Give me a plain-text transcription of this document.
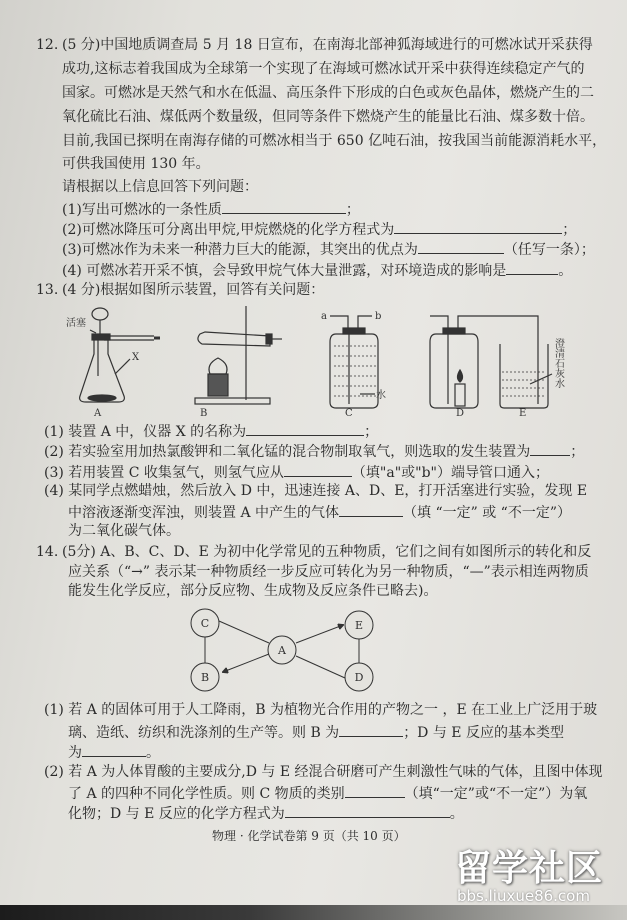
12. (5 分)中国地质调查局 5 月 18 日宣布，在南海北部神狐海域进行的可燃冰试开采获得
成功,这标志着我国成为全球第一个实现了在海域可燃冰试开采中获得连续稳定产气的
国家。可燃冰是天然气和水在低温、高压条件下形成的白色或灰色晶体，燃烧产生的二
氧化硫比石油、煤低两个数量级，但同等条件下燃烧产生的能量比石油、煤多数十倍。
目前,我国已探明在南海存储的可燃冰相当于 650 亿吨石油，按我国当前能源消耗水平，
可供我国使用 130 年。
请根据以上信息回答下列问题：
(1)写出可燃冰的一条性质	；
(2)可燃冰降压可分离出甲烷,甲烷燃烧的化学方程式为	；
(3)可燃冰作为未来一种潜力巨大的能源，其突出的优点为	（任写一条）；
(4) 可燃冰若开采不慎，会导致甲烷气体大量泄露，对环境造成的影响是	。
13. (4 分)根据如图所示装置，回答有关问题：
活塞
X
A	B
a	b
水
C	D	E
澄清石灰水
(1) 装置 A 中，仪器 X 的名称为	；
(2) 若实验室用加热氯酸钾和二氧化锰的混合物制取氧气，则选取的发生装置为	；
(3) 若用装置 C 收集氢气，则氢气应从	（填"a"或"b"）端导管口通入；
(4) 某同学点燃蜡烛，然后放入 D 中，迅速连接 A、D、E，打开活塞进行实验，发现 E
中溶液逐渐变浑浊，则装置 A 中产生的气体	（填 “一定” 或 “不一定”）
为二氧化碳气体。
14. (5分) A、B、C、D、E 为初中化学常见的五种物质，它们之间有如图所示的转化和反
应关系（“→” 表示某一种物质经一步反应可转化为另一种物质，“—”表示相连两物质
能发生化学反应，部分反应物、生成物及反应条件已略去)。
A
B
C
D
E
(1) 若 A 的固体可用于人工降雨，B 为植物光合作用的产物之一 ，E 在工业上广泛用于玻
璃、造纸、纺织和洗涤剂的生产等。则 B 为	；D 与 E 反应的基本类型
为	。
(2) 若 A 为人体胃酸的主要成分,D 与 E 经混合研磨可产生刺激性气味的气体，且图中体现
了 A 的四种不同化学性质。则 C 物质的类别	（填“一定”或“不一定”）为氧
化物；D 与 E 反应的化学方程式为	。
物理 · 化学试卷第 9 页（共 10 页）
留学社区
bbs.liuxue86.com
